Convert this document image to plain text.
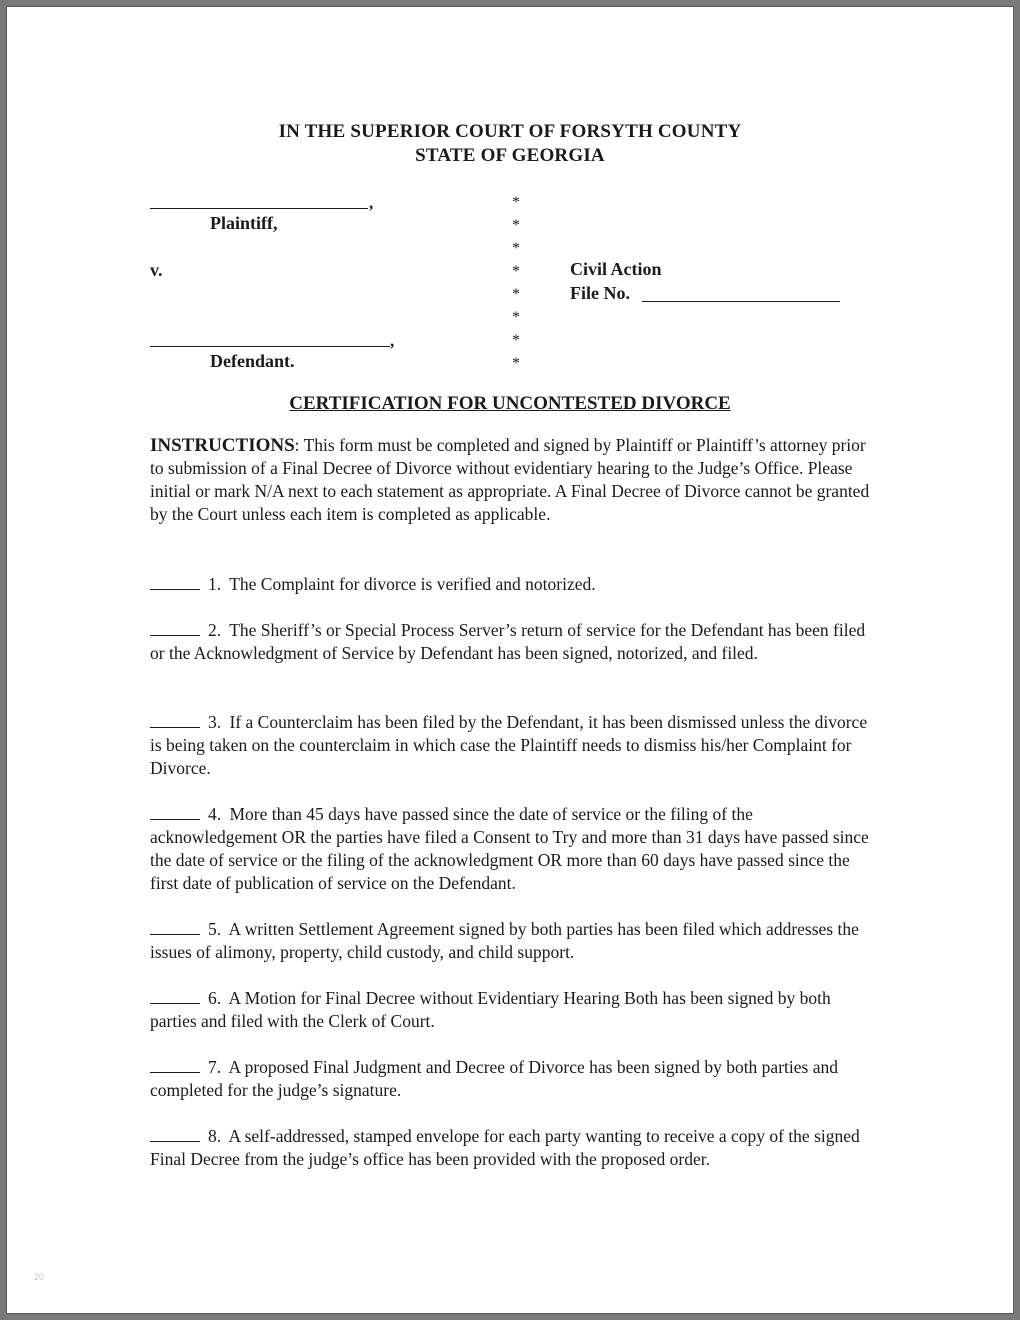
IN THE SUPERIOR COURT OF FORSYTH COUNTY
STATE OF GEORGIA
,
Plaintiff,
v.
,
Defendant.
*
*
*
*
*
*
*
*
Civil Action
File No.
CERTIFICATION FOR UNCONTESTED DIVORCE

INSTRUCTIONS: This form must be completed and signed by Plaintiff or Plaintiff’s attorney prior to submission of a Final Decree of Divorce without evidentiary hearing to the Judge’s Office. Please initial or mark N/A next to each statement as appropriate. A Final Decree of Divorce cannot be granted by the Court unless each item is completed as applicable.

1. The Complaint for divorce is verified and notorized.

2. The Sheriff’s or Special Process Server’s return of service for the Defendant has been filed or the Acknowledgment of Service by Defendant has been signed, notorized, and filed.

3. If a Counterclaim has been filed by the Defendant, it has been dismissed unless the divorce is being taken on the counterclaim in which case the Plaintiff needs to dismiss his/her Complaint for Divorce.

4. More than 45 days have passed since the date of service or the filing of the acknowledgement OR the parties have filed a Consent to Try and more than 31 days have passed since the date of service or the filing of the acknowledgment OR more than 60 days have passed since the first date of publication of service on the Defendant.

5. A written Settlement Agreement signed by both parties has been filed which addresses the issues of alimony, property, child custody, and child support.

6. A Motion for Final Decree without Evidentiary Hearing Both has been signed by both parties and filed with the Clerk of Court.

7. A proposed Final Judgment and Decree of Divorce has been signed by both parties and completed for the judge’s signature.

8. A self-addressed, stamped envelope for each party wanting to receive a copy of the signed Final Decree from the judge’s office has been provided with the proposed order.

20
